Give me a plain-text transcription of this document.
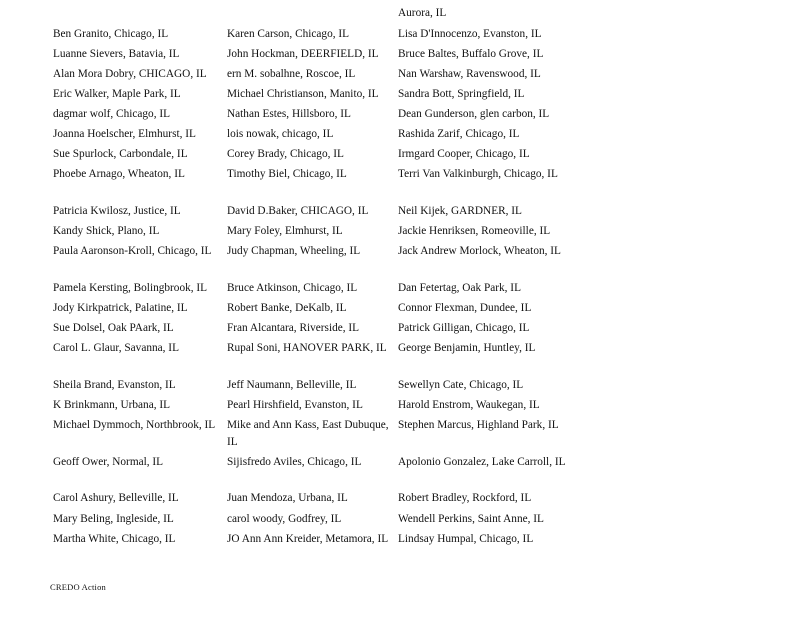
Ben Granito, Chicago, IL
Luanne Sievers, Batavia, IL
Alan Mora Dobry, CHICAGO, IL
Eric Walker, Maple Park, IL
dagmar wolf, Chicago, IL
Joanna Hoelscher, Elmhurst, IL
Sue Spurlock, Carbondale, IL
Phoebe Arnago, Wheaton, IL
Patricia Kwilosz, Justice, IL
Kandy Shick, Plano, IL
Paula Aaronson-Kroll, Chicago, IL
Pamela Kersting, Bolingbrook, IL
Jody Kirkpatrick, Palatine, IL
Sue Dolsel, Oak PAark, IL
Carol L. Glaur, Savanna, IL
Sheila Brand, Evanston, IL
K Brinkmann, Urbana, IL
Michael Dymmoch, Northbrook, IL
Geoff Ower, Normal, IL
Carol Ashury, Belleville, IL
Mary Beling, Ingleside, IL
Martha White, Chicago, IL
Karen Carson, Chicago, IL
John Hockman, DEERFIELD, IL
ern M. sobalhne, Roscoe, IL
Michael Christianson, Manito, IL
Nathan Estes, Hillsboro, IL
lois nowak, chicago, IL
Corey Brady, Chicago, IL
Timothy Biel, Chicago, IL
David D.Baker, CHICAGO, IL
Mary Foley, Elmhurst, IL
Judy Chapman, Wheeling, IL
Bruce Atkinson, Chicago, IL
Robert Banke, DeKalb, IL
Fran Alcantara, Riverside, IL
Rupal Soni, HANOVER PARK, IL
Jeff Naumann, Belleville, IL
Pearl Hirshfield, Evanston, IL
Mike and Ann Kass, East Dubuque, IL
Sijisfredo Aviles, Chicago, IL
Juan Mendoza, Urbana, IL
carol woody, Godfrey, IL
JO Ann Ann Kreider, Metamora, IL
Aurora, IL
Lisa D'Innocenzo, Evanston, IL
Bruce Baltes, Buffalo Grove, IL
Nan Warshaw, Ravenswood, IL
Sandra Bott, Springfield, IL
Dean Gunderson, glen carbon, IL
Rashida Zarif, Chicago, IL
Irmgard Cooper, Chicago, IL
Terri Van Valkinburgh, Chicago, IL
Neil Kijek, GARDNER, IL
Jackie Henriksen, Romeoville, IL
Jack Andrew Morlock, Wheaton, IL
Dan Fetertag, Oak Park, IL
Connor Flexman, Dundee, IL
Patrick Gilligan, Chicago, IL
George Benjamin, Huntley, IL
Sewellyn Cate, Chicago, IL
Harold Enstrom, Waukegan, IL
Stephen Marcus, Highland Park, IL
Apolonio Gonzalez, Lake Carroll, IL
Robert Bradley, Rockford, IL
Wendell Perkins, Saint Anne, IL
Lindsay Humpal, Chicago, IL
CREDO Action
